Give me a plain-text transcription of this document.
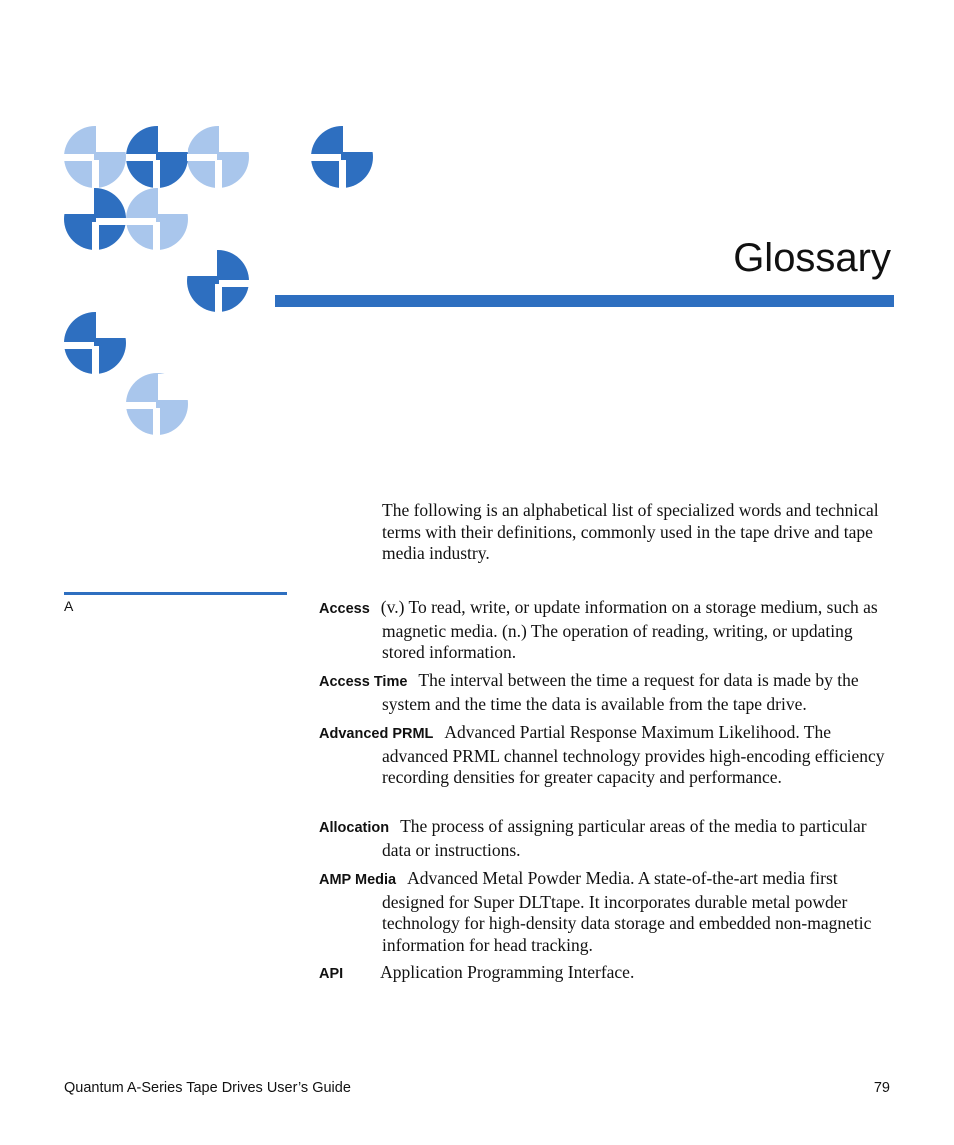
Glossary

The following is an alphabetical list of specialized words and technical terms with their definitions, commonly used in the tape drive and tape media industry.

A	Access (v.) To read, write, or update information on a storage medium, such as magnetic media. (n.) The operation of reading, writing, or updating stored information.

Access Time The interval between the time a request for data is made by the system and the time the data is available from the tape drive.

Advanced PRML Advanced Partial Response Maximum Likelihood. The advanced PRML channel technology provides high-encoding efficiency recording densities for greater capacity and performance.

Allocation The process of assigning particular areas of the media to particular data or instructions.

AMP Media Advanced Metal Powder Media. A state-of-the-art media first designed for Super DLTtape. It incorporates durable metal powder technology for high-density data storage and embedded non-magnetic information for head tracking.

API Application Programming Interface.

Quantum A-Series Tape Drives User’s Guide	79
